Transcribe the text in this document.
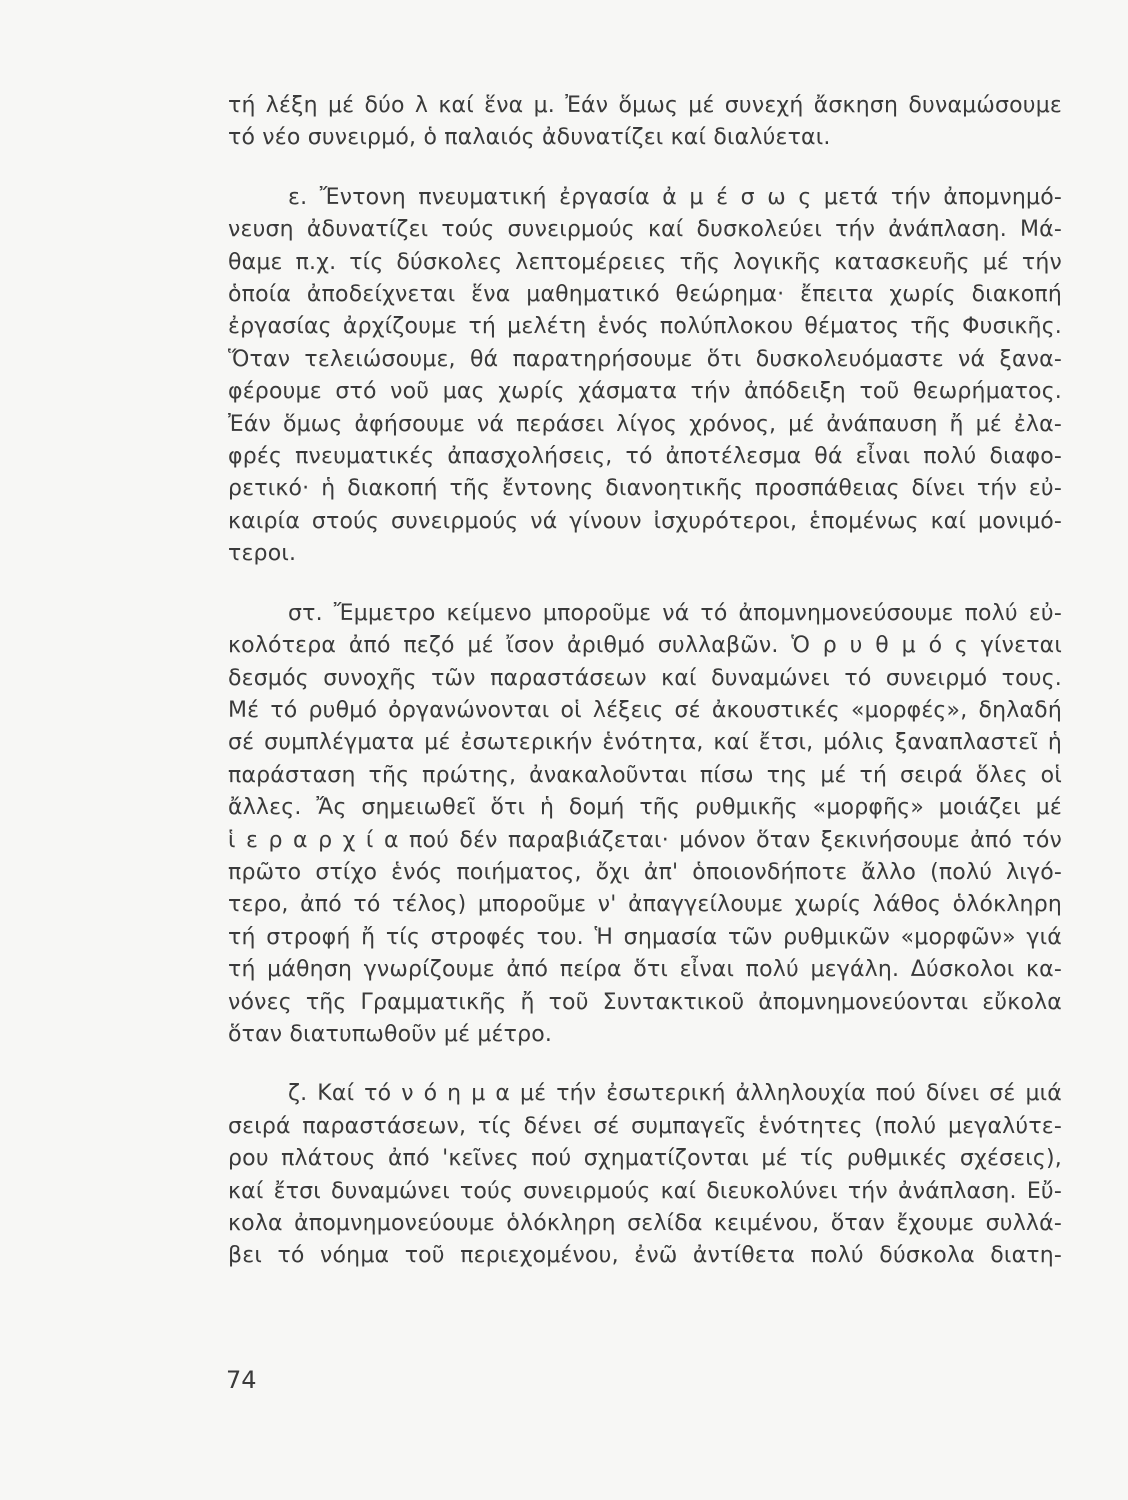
τή λέξη μέ δύο λ καί ἕνα μ. Ἐάν ὅμως μέ συνεχή ἄσκηση δυναμώσουμε
τό νέο συνειρμό, ὁ παλαιός ἀδυνατίζει καί διαλύεται.
ε. Ἔντονη πνευματική ἐργασία ἀ μ έ σ ω ς μετά τήν ἀπομνημό-
νευση ἀδυνατίζει τούς συνειρμούς καί δυσκολεύει τήν ἀνάπλαση. Μά-
θαμε π.χ. τίς δύσκολες λεπτομέρειες τῆς λογικῆς κατασκευῆς μέ τήν
ὁποία ἀποδείχνεται ἕνα μαθηματικό θεώρημα· ἔπειτα χωρίς διακοπή
ἐργασίας ἀρχίζουμε τή μελέτη ἑνός πολύπλοκου θέματος τῆς Φυσικῆς.
Ὅταν τελειώσουμε, θά παρατηρήσουμε ὅτι δυσκολευόμαστε νά ξανα-
φέρουμε στό νοῦ μας χωρίς χάσματα τήν ἀπόδειξη τοῦ θεωρήματος.
Ἐάν ὅμως ἀφήσουμε νά περάσει λίγος χρόνος, μέ ἀνάπαυση ἤ μέ ἐλα-
φρές πνευματικές ἀπασχολήσεις, τό ἀποτέλεσμα θά εἶναι πολύ διαφο-
ρετικό· ἡ διακοπή τῆς ἔντονης διανοητικῆς προσπάθειας δίνει τήν εὐ-
καιρία στούς συνειρμούς νά γίνουν ἰσχυρότεροι, ἑπομένως καί μονιμό-
τεροι.
στ. Ἔμμετρο κείμενο μποροῦμε νά τό ἀπομνημονεύσουμε πολύ εὐ-
κολότερα ἀπό πεζό μέ ἴσον ἀριθμό συλλαβῶν. Ὁ ρ υ θ μ ό ς γίνεται
δεσμός συνοχῆς τῶν παραστάσεων καί δυναμώνει τό συνειρμό τους.
Μέ τό ρυθμό ὀργανώνονται οἱ λέξεις σέ ἀκουστικές «μορφές», δηλαδή
σέ συμπλέγματα μέ ἐσωτερικήν ἑνότητα, καί ἔτσι, μόλις ξαναπλαστεῖ ἡ
παράσταση τῆς πρώτης, ἀνακαλοῦνται πίσω της μέ τή σειρά ὅλες οἱ
ἄλλες. Ἄς σημειωθεῖ ὅτι ἡ δομή τῆς ρυθμικῆς «μορφῆς» μοιάζει μέ
ἱ ε ρ α ρ χ ί α πού δέν παραβιάζεται· μόνον ὅταν ξεκινήσουμε ἀπό τόν
πρῶτο στίχο ἑνός ποιήματος, ὄχι ἀπ' ὁποιονδήποτε ἄλλο (πολύ λιγό-
τερο, ἀπό τό τέλος) μποροῦμε ν' ἀπαγγείλουμε χωρίς λάθος ὁλόκληρη
τή στροφή ἤ τίς στροφές του. Ἡ σημασία τῶν ρυθμικῶν «μορφῶν» γιά
τή μάθηση γνωρίζουμε ἀπό πείρα ὅτι εἶναι πολύ μεγάλη. Δύσκολοι κα-
νόνες τῆς Γραμματικῆς ἤ τοῦ Συντακτικοῦ ἀπομνημονεύονται εὔκολα
ὅταν διατυπωθοῦν μέ μέτρο.
ζ. Καί τό ν ό η μ α μέ τήν ἐσωτερική ἀλληλουχία πού δίνει σέ μιά
σειρά παραστάσεων, τίς δένει σέ συμπαγεῖς ἑνότητες (πολύ μεγαλύτε-
ρου πλάτους ἀπό 'κεῖνες πού σχηματίζονται μέ τίς ρυθμικές σχέσεις),
καί ἔτσι δυναμώνει τούς συνειρμούς καί διευκολύνει τήν ἀνάπλαση. Εὔ-
κολα ἀπομνημονεύουμε ὁλόκληρη σελίδα κειμένου, ὅταν ἔχουμε συλλά-
βει τό νόημα τοῦ περιεχομένου, ἐνῶ ἀντίθετα πολύ δύσκολα διατη-
74
